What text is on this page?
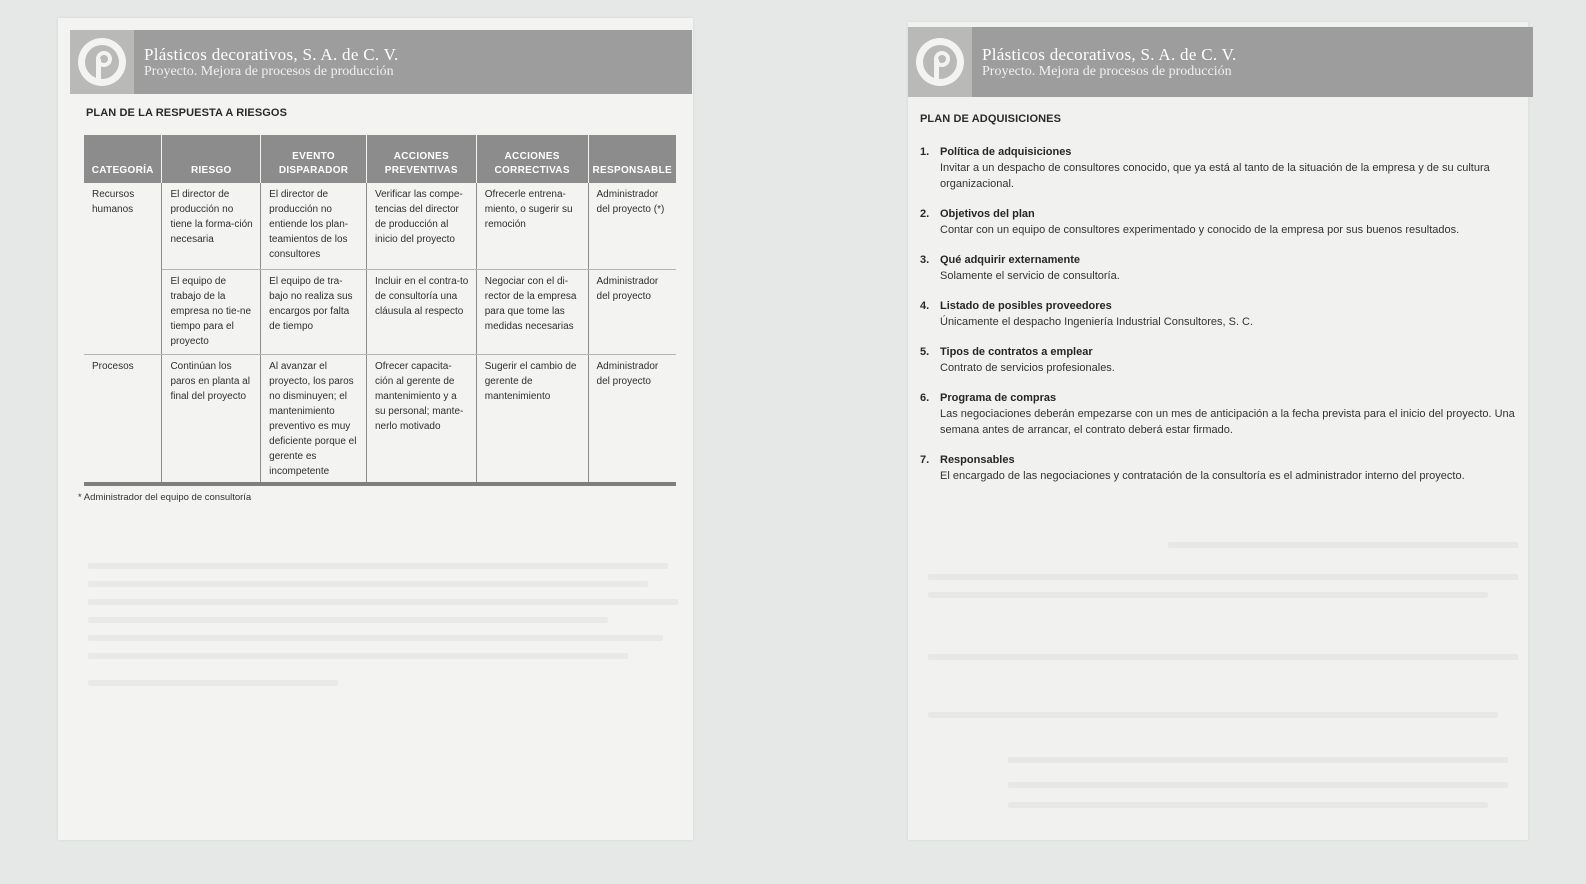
Plásticos decorativos, S. A. de C. V.
Proyecto. Mejora de procesos de producción
PLAN DE LA RESPUESTA A RIESGOS
CATEGORÍA	RIESGO	EVENTO DISPARADOR	ACCIONES PREVENTIVAS	ACCIONES CORRECTIVAS	RESPONSABLE
Recursos humanos	El director de producción no tiene la forma-ción necesaria	El director de producción no entiende los plan-teamientos de los consultores	Verificar las compe-tencias del director de producción al inicio del proyecto	Ofrecerle entrena-miento, o sugerir su remoción	Administrador del proyecto (*)
	El equipo de trabajo de la empresa no tie-ne tiempo para el proyecto	El equipo de tra-bajo no realiza sus encargos por falta de tiempo	Incluir en el contra-to de consultoría una cláusula al respecto	Negociar con el di-rector de la empresa para que tome las medidas necesarias	Administrador del proyecto
Procesos	Continúan los paros en planta al final del proyecto	Al avanzar el proyecto, los paros no disminuyen; el mantenimiento preventivo es muy deficiente porque el gerente es incompetente	Ofrecer capacita-ción al gerente de mantenimiento y a su personal; mante-nerlo motivado	Sugerir el cambio de gerente de mantenimiento	Administrador del proyecto
* Administrador del equipo de consultoría
Plásticos decorativos, S. A. de C. V.
Proyecto. Mejora de procesos de producción
PLAN DE ADQUISICIONES
1. Política de adquisiciones
Invitar a un despacho de consultores conocido, que ya está al tanto de la situación de la empresa y de su cultura organizacional.
2. Objetivos del plan
Contar con un equipo de consultores experimentado y conocido de la empresa por sus buenos resultados.
3. Qué adquirir externamente
Solamente el servicio de consultoría.
4. Listado de posibles proveedores
Únicamente el despacho Ingeniería Industrial Consultores, S. C.
5. Tipos de contratos a emplear
Contrato de servicios profesionales.
6. Programa de compras
Las negociaciones deberán empezarse con un mes de anticipación a la fecha prevista para el inicio del proyecto. Una semana antes de arrancar, el contrato deberá estar firmado.
7. Responsables
El encargado de las negociaciones y contratación de la consultoría es el administrador interno del proyecto.
